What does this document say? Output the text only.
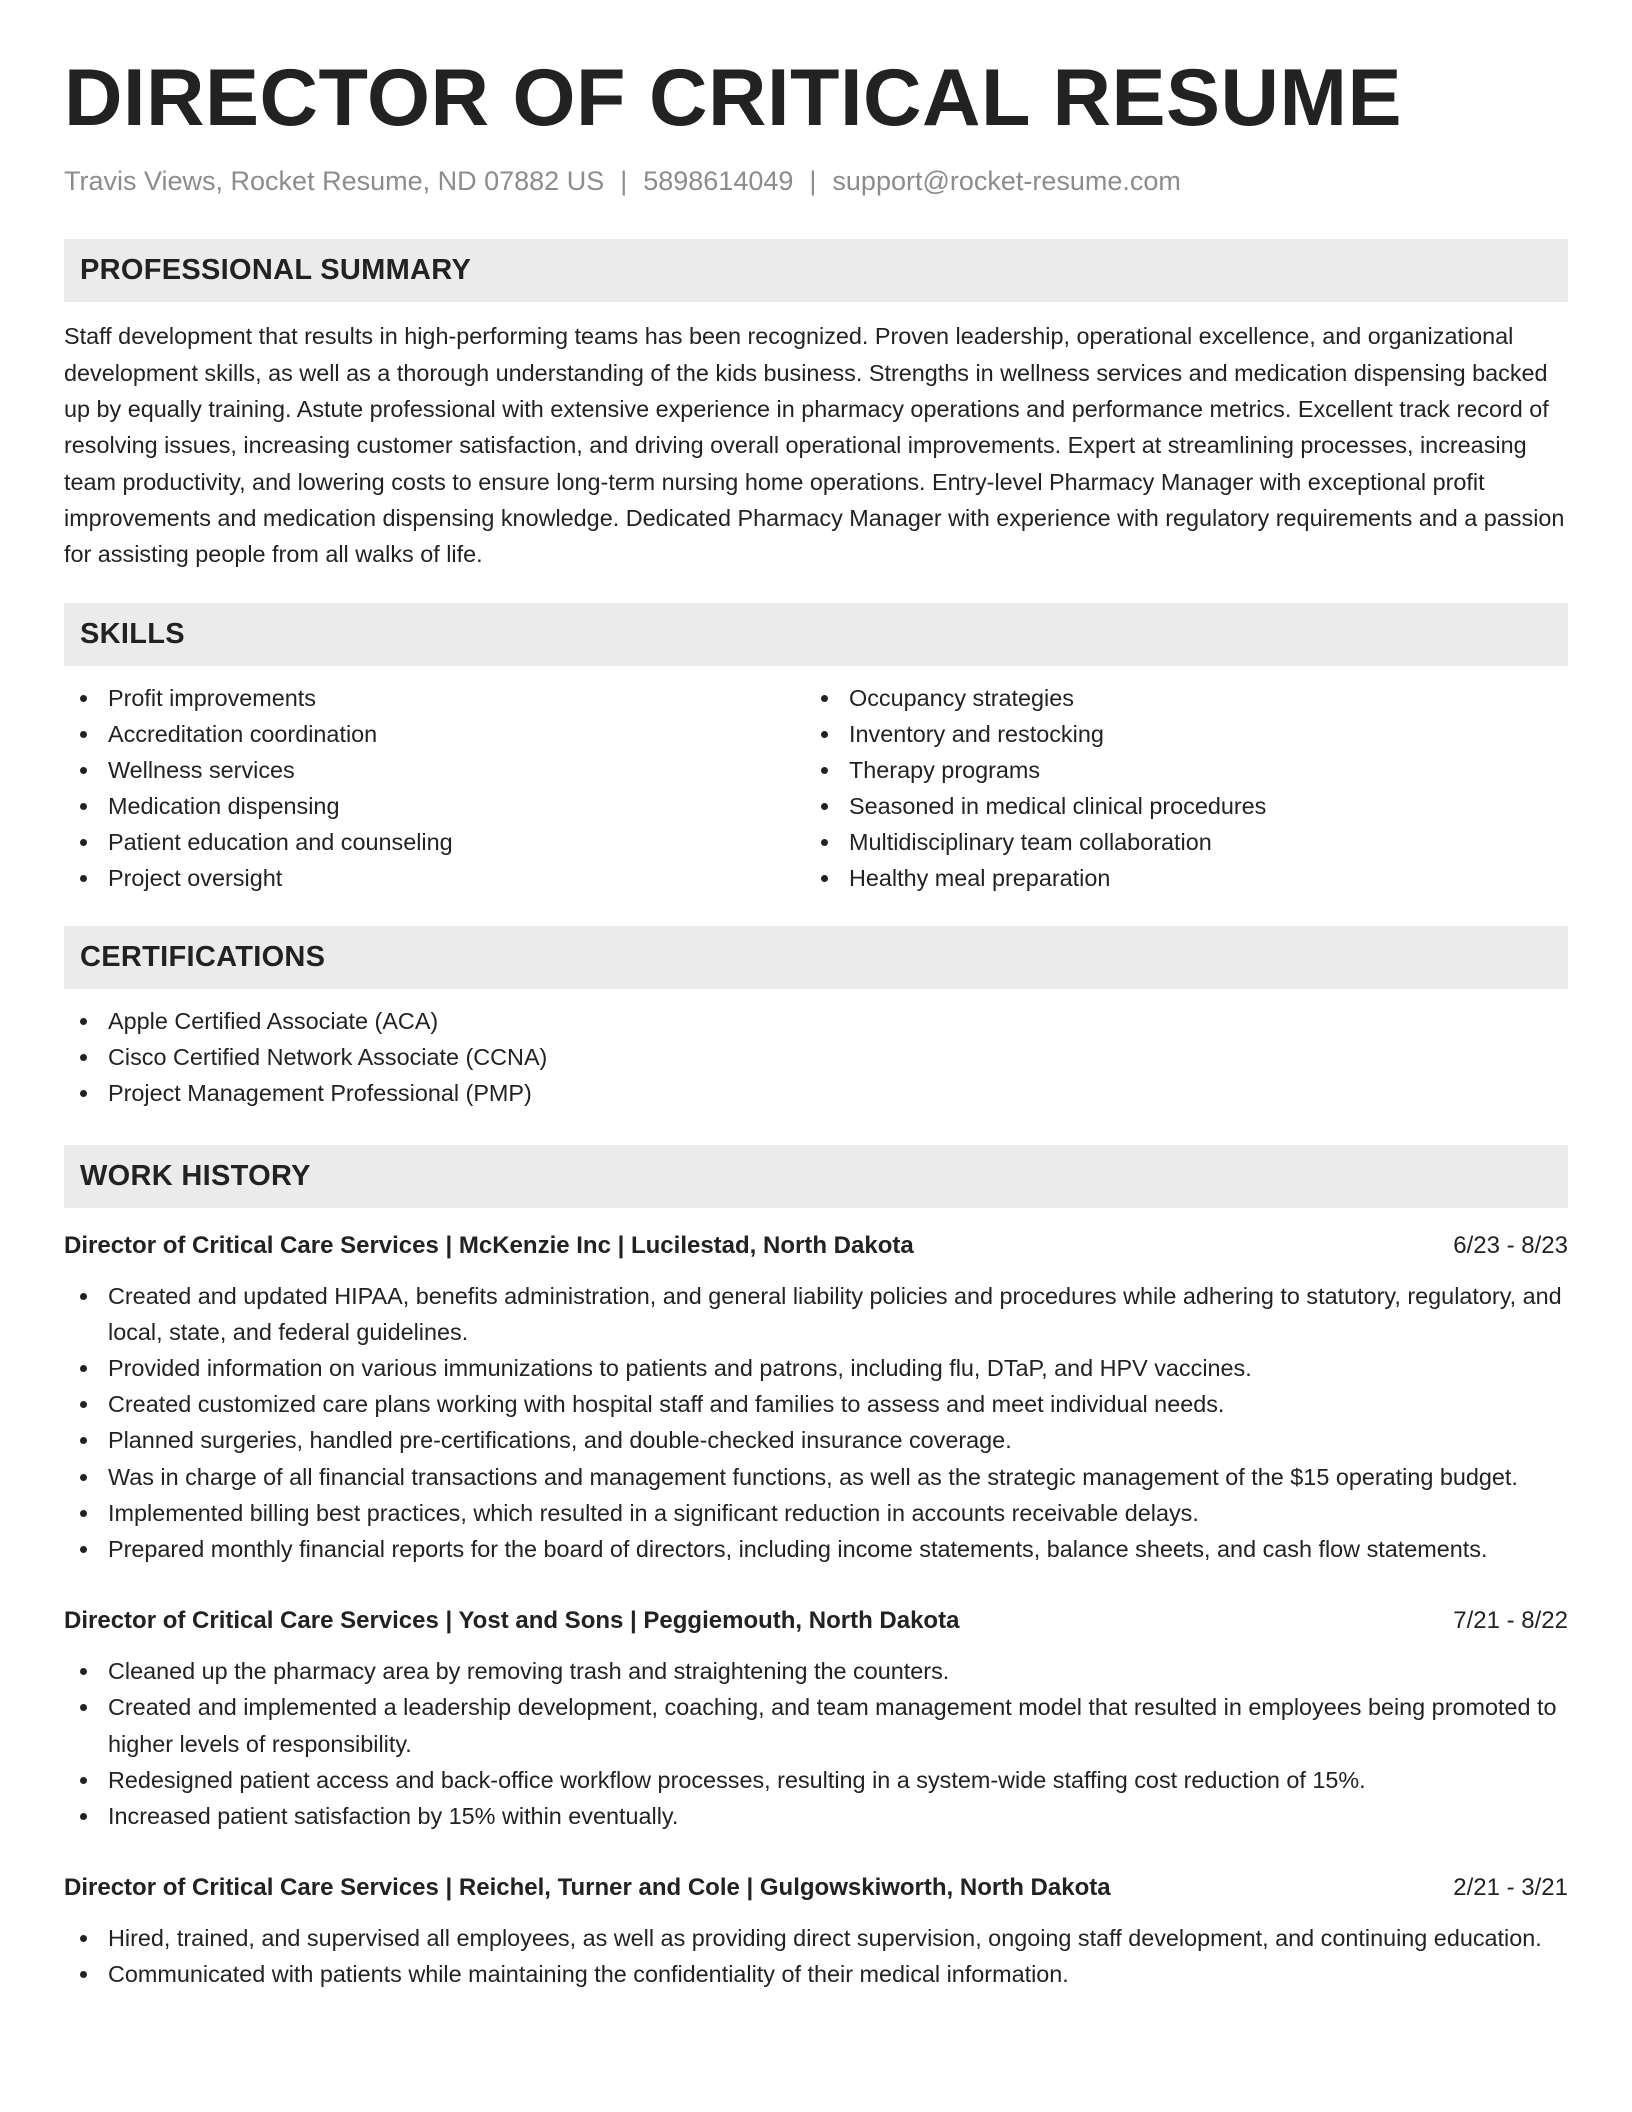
DIRECTOR OF CRITICAL RESUME
Travis Views, Rocket Resume, ND 07882 US | 5898614049 | support@rocket-resume.com
PROFESSIONAL SUMMARY

Staff development that results in high-performing teams has been recognized. Proven leadership, operational excellence, and organizational development skills, as well as a thorough understanding of the kids business. Strengths in wellness services and medication dispensing backed up by equally training. Astute professional with extensive experience in pharmacy operations and performance metrics. Excellent track record of resolving issues, increasing customer satisfaction, and driving overall operational improvements. Expert at streamlining processes, increasing team productivity, and lowering costs to ensure long-term nursing home operations. Entry-level Pharmacy Manager with exceptional profit improvements and medication dispensing knowledge. Dedicated Pharmacy Manager with experience with regulatory requirements and a passion for assisting people from all walks of life.

SKILLS
Profit improvements
Accreditation coordination
Wellness services
Medication dispensing
Patient education and counseling
Project oversight
Occupancy strategies
Inventory and restocking
Therapy programs
Seasoned in medical clinical procedures
Multidisciplinary team collaboration
Healthy meal preparation
CERTIFICATIONS
Apple Certified Associate (ACA)
Cisco Certified Network Associate (CCNA)
Project Management Professional (PMP)
WORK HISTORY
Director of Critical Care Services | McKenzie Inc | Lucilestad, North Dakota	6/23 - 8/23
Created and updated HIPAA, benefits administration, and general liability policies and procedures while adhering to statutory, regulatory, and local, state, and federal guidelines.
Provided information on various immunizations to patients and patrons, including flu, DTaP, and HPV vaccines.
Created customized care plans working with hospital staff and families to assess and meet individual needs.
Planned surgeries, handled pre-certifications, and double-checked insurance coverage.
Was in charge of all financial transactions and management functions, as well as the strategic management of the $15 operating budget.
Implemented billing best practices, which resulted in a significant reduction in accounts receivable delays.
Prepared monthly financial reports for the board of directors, including income statements, balance sheets, and cash flow statements.
Director of Critical Care Services | Yost and Sons | Peggiemouth, North Dakota	7/21 - 8/22
Cleaned up the pharmacy area by removing trash and straightening the counters.
Created and implemented a leadership development, coaching, and team management model that resulted in employees being promoted to higher levels of responsibility.
Redesigned patient access and back-office workflow processes, resulting in a system-wide staffing cost reduction of 15%.
Increased patient satisfaction by 15% within eventually.
Director of Critical Care Services | Reichel, Turner and Cole | Gulgowskiworth, North Dakota	2/21 - 3/21
Hired, trained, and supervised all employees, as well as providing direct supervision, ongoing staff development, and continuing education.
Communicated with patients while maintaining the confidentiality of their medical information.
